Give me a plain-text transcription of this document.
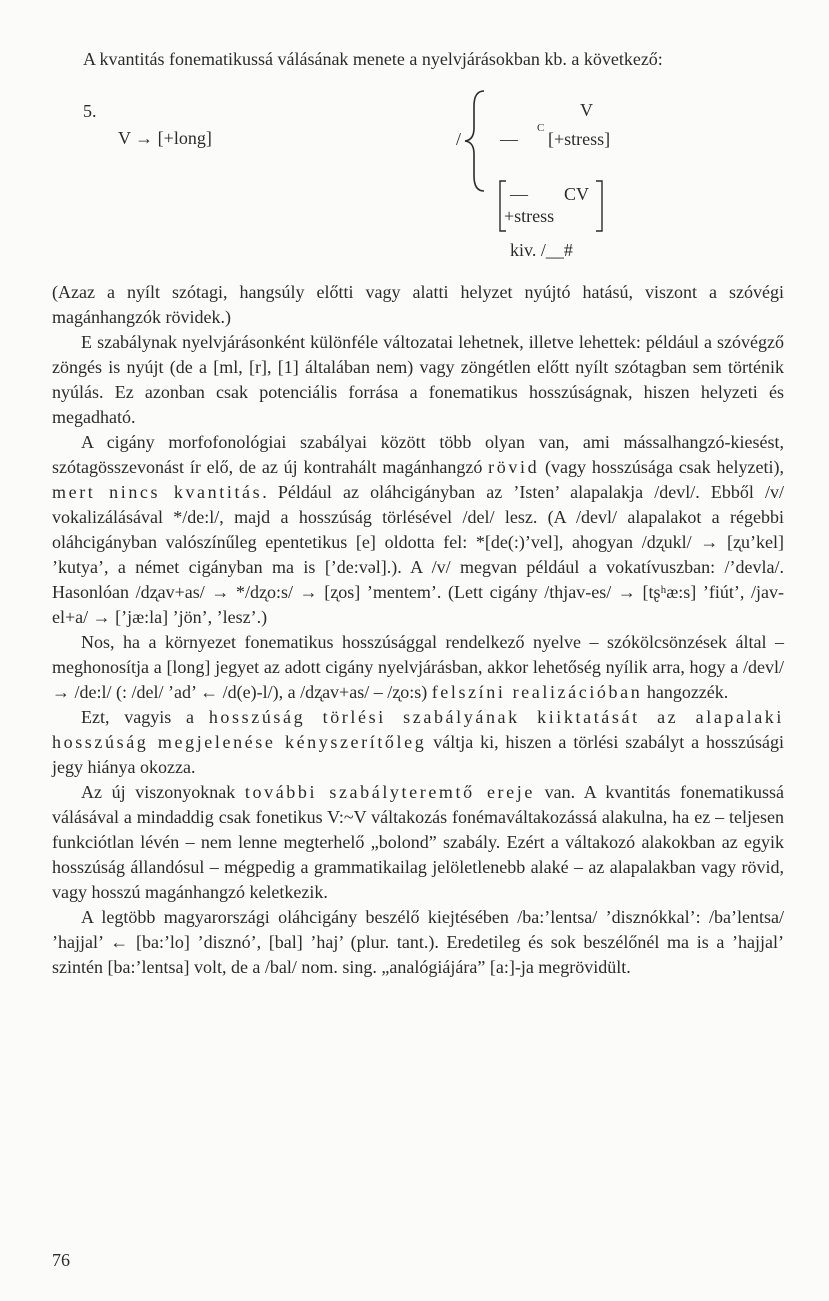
A kvantitás fonematikussá válásának menete a nyelvjárásokban kb. a következő:
5.
V → [+long]	/
V
—
C
[+stress]
— CV
+stress
kiv. /__#

(Azaz a nyílt szótagi, hangsúly előtti vagy alatti helyzet nyújtó hatású, viszont a szóvégi magánhangzók rövidek.)

E szabálynak nyelvjárásonként különféle változatai lehetnek, illetve lehettek: például a szóvégző zöngés is nyújt (de a [ml, [r], [1] általában nem) vagy zöngétlen előtt nyílt szótagban sem történik nyúlás. Ez azonban csak potenciális forrása a fonematikus hosszúságnak, hiszen helyzeti és megadható.

A cigány morfofonológiai szabályai között több olyan van, ami mássalhangzó-kiesést, szótagösszevonást ír elő, de az új kontrahált magánhangzó rövid (vagy hosszúsága csak helyzeti), mert nincs kvantitás. Például az oláhcigányban az ’Isten’ alapalakja /devl/. Ebből /v/ vokalizálásával */de:l/, majd a hosszúság törlésével /del/ lesz. (A /devl/ alapalakot a régebbi oláhcigányban valószínűleg epentetikus [e] oldotta fel: *[de(:)’vel], ahogyan /dz̨ukl/ → [z̨u’kel] ’kutya’, a német cigányban ma is [’de:vəl].). A /v/ megvan például a vokatívuszban: /’devla/. Hasonlóan /dz̨av+as/ → */dz̨o:s/ → [z̨os] ’mentem’. (Lett cigány /thjav-es/ → [tʂʰæ:s] ’fiút’, /jav-el+a/ → [’jæ:la] ’jön’, ’lesz’.)

Nos, ha a környezet fonematikus hosszúsággal rendelkező nyelve – szókölcsönzések által – meghonosítja a [long] jegyet az adott cigány nyelvjárásban, akkor lehetőség nyílik arra, hogy a /devl/ → /de:l/ (: /del/ ’ad’ ← /d(e)-l/), a /dz̨av+as/ – /z̨o:s) felszíni realizációban hangozzék.

Ezt, vagyis a hosszúság törlési szabályának kiiktatását az alapalaki hosszúság megjelenése kényszerítőleg váltja ki, hiszen a törlési szabályt a hosszúsági jegy hiánya okozza.

Az új viszonyoknak további szabályteremtő ereje van. A kvantitás fonematikussá válásával a mindaddig csak fonetikus V:~V váltakozás fonémaváltakozássá alakulna, ha ez – teljesen funkciótlan lévén – nem lenne megterhelő „bolond” szabály. Ezért a váltakozó alakokban az egyik hosszúság állandósul – mégpedig a grammatikailag jelöletlenebb alaké – az alapalakban vagy rövid, vagy hosszú magánhangzó keletkezik.

A legtöbb magyarországi oláhcigány beszélő kiejtésében /ba:’lentsa/ ’disznókkal’: /ba’lentsa/ ’hajjal’ ← [ba:’lo] ’disznó’, [bal] ’haj’ (plur. tant.). Eredetileg és sok beszélőnél ma is a ’hajjal’ szintén [ba:’lentsa] volt, de a /bal/ nom. sing. „analógiájára” [a:]-ja megrövidült.

76
